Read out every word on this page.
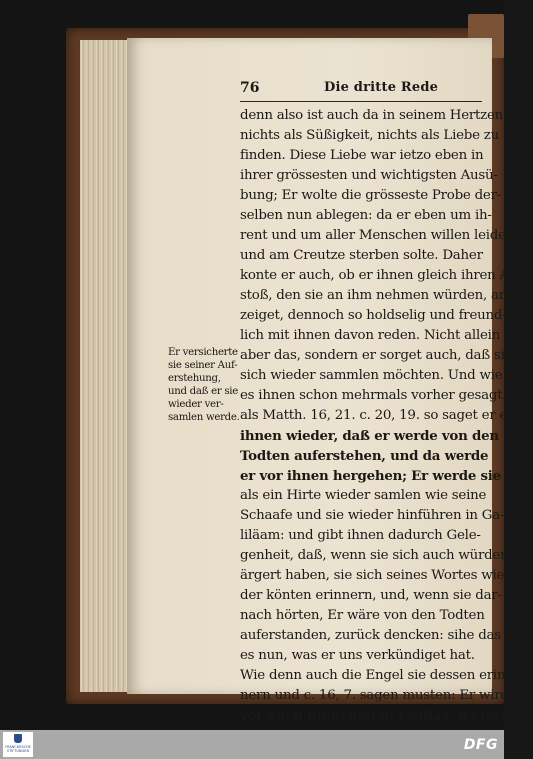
76	Die dritte Rede
denn also ist auch da in seinem Hertzen
nichts als Süßigkeit, nichts als Liebe zu
finden. Diese Liebe war ietzo eben in
ihrer grössesten und wichtigsten Ausü-
bung; Er wolte die grösseste Probe der-
selben nun ablegen: da er eben um ih-
rent und um aller Menschen willen leiden
und am Creutze sterben solte. Daher
konte er auch, ob er ihnen gleich ihren An-
stoß, den sie an ihm nehmen würden, an-
zeiget, dennoch so holdselig und freund-
lich mit ihnen davon reden. Nicht allein
aber das, sondern er sorget auch, daß sie
sich wieder sammlen möchten. Und wie er
es ihnen schon mehrmals vorher gesagt,
als Matth. 16, 21. c. 20, 19. so saget er es
ihnen wieder, daß er werde von den
Todten auferstehen, und da werde
er vor ihnen hergehen; Er werde sie
als ein Hirte wieder samlen wie seine
Schaafe und sie wieder hinführen in Ga-
liläam: und gibt ihnen dadurch Gele-
genheit, daß, wenn sie sich auch würden ge-
ärgert haben, sie sich seines Wortes wie-
der könten erinnern, und, wenn sie dar-
nach hörten, Er wäre von den Todten
auferstanden, zurück dencken: sihe das ist
es nun, was er uns verkündiget hat.
Wie denn auch die Engel sie dessen erin-
nern und c. 16, 7. sagen musten: Er wird
vor euch hingehen in Galiläa, da wer-
Er versicherte
sie seiner Auf-
erstehung,
und daß er sie
wieder ver-
samlen werde.
FRANCKESCHE STIFTUNGEN	DFG
